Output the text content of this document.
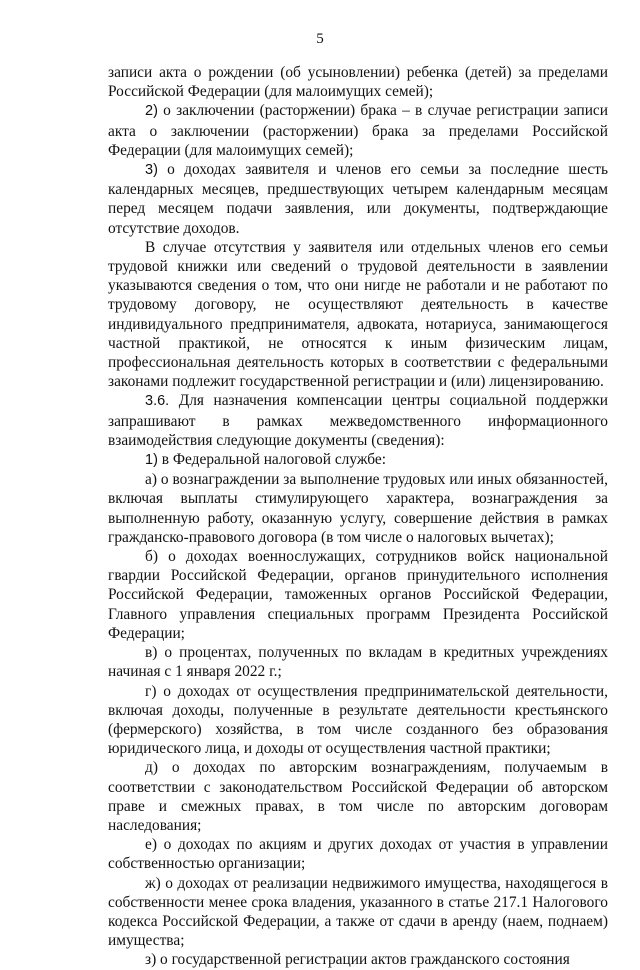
5

записи акта о рождении (об усыновлении) ребенка (детей) за пределами Российской Федерации (для малоимущих семей);

2) о заключении (расторжении) брака – в случае регистрации записи акта о заключении (расторжении) брака за пределами Российской Федерации (для малоимущих семей);

3) о доходах заявителя и членов его семьи за последние шесть календарных месяцев, предшествующих четырем календарным месяцам перед месяцем подачи заявления, или документы, подтверждающие отсутствие доходов.

В случае отсутствия у заявителя или отдельных членов его семьи трудовой книжки или сведений о трудовой деятельности в заявлении указываются сведения о том, что они нигде не работали и не работают по трудовому договору, не осуществляют деятельность в качестве индивидуального предпринимателя, адвоката, нотариуса, занимающегося частной практикой, не относятся к иным физическим лицам, профессиональная деятельность которых в соответствии с федеральными законами подлежит государственной регистрации и (или) лицензированию.

3.6. Для назначения компенсации центры социальной поддержки запрашивают в рамках межведомственного информационного взаимодействия следующие документы (сведения):

1) в Федеральной налоговой службе:

а) о вознаграждении за выполнение трудовых или иных обязанностей, включая выплаты стимулирующего характера, вознаграждения за выполненную работу, оказанную услугу, совершение действия в рамках гражданско-правового договора (в том числе о налоговых вычетах);

б) о доходах военнослужащих, сотрудников войск национальной гвардии Российской Федерации, органов принудительного исполнения Российской Федерации, таможенных органов Российской Федерации, Главного управления специальных программ Президента Российской Федерации;

в) о процентах, полученных по вкладам в кредитных учреждениях начиная с 1 января 2022 г.;

г) о доходах от осуществления предпринимательской деятельности, включая доходы, полученные в результате деятельности крестьянского (фермерского) хозяйства, в том числе созданного без образования юридического лица, и доходы от осуществления частной практики;

д) о доходах по авторским вознаграждениям, получаемым в соответствии с законодательством Российской Федерации об авторском праве и смежных правах, в том числе по авторским договорам наследования;

е) о доходах по акциям и других доходах от участия в управлении собственностью организации;

ж) о доходах от реализации недвижимого имущества, находящегося в собственности менее срока владения, указанного в статье 217.1 Налогового кодекса Российской Федерации, а также от сдачи в аренду (наем, поднаем) имущества;

з) о государственной регистрации актов гражданского состояния
